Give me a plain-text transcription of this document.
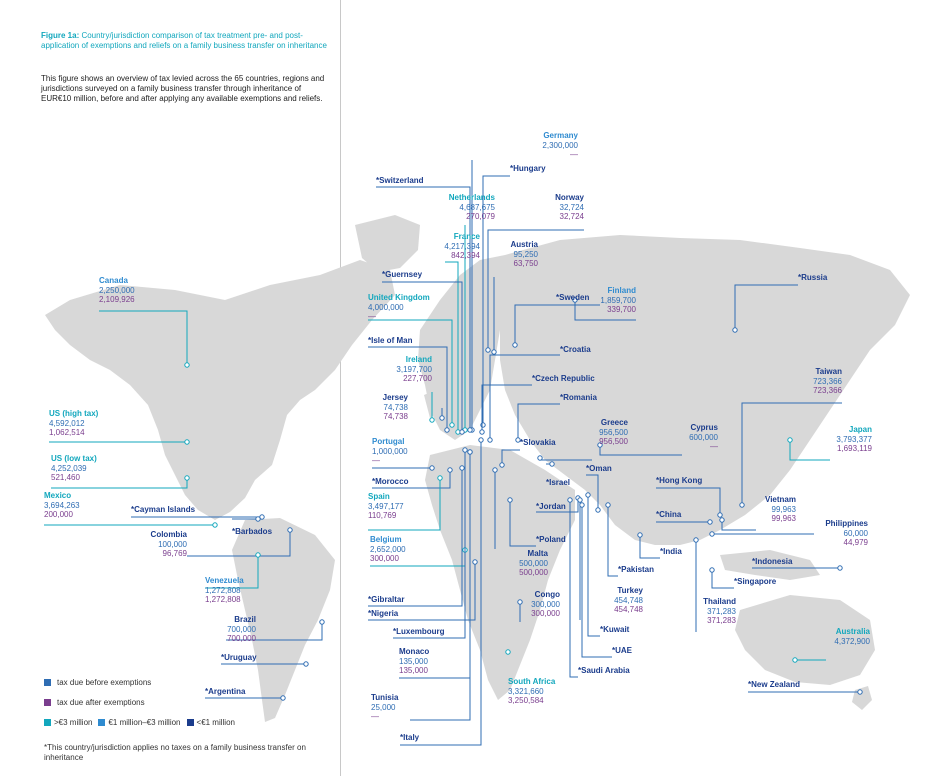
Figure 1a: Country/jurisdiction comparison of tax treatment pre- and post-application of exemptions and reliefs on a family business transfer on inheritance
This figure shows an overview of tax levied across the 65 countries, regions and jurisdictions surveyed on a family business transfer through inheritance of EUR€10 million, before and after applying any available exemptions and reliefs.
Germany
2,300,000
—
*Switzerland
*Hungary
Netherlands
4,687,675
270,079
Norway
32,724
32,724
France
4,217,394
842,394
Austria
95,250
63,750
*Guernsey	*Russia
Canada
2,250,000
2,109,926	United Kingdom
4,000,000
—
*Sweden
Finland
1,859,700
339,700
*Isle of Man
*Croatia
Ireland
3,197,700
227,700	*Czech Republic
Taiwan
723,366
723,366
Jersey
74,738
74,738
*Romania
US (high tax)
4,592,012
1,062,514
Greece
956,500
956,500
Cyprus
600,000
—
Japan
3,793,377
1,693,119
Portugal
1,000,000
—
*Slovakia
US (low tax)
4,252,039
521,460
*Oman
*Israel	*Hong Kong
*Morocco
Mexico
3,694,263
200,000
Spain
3,497,177
110,769
Vietnam
99,963
99,963
*Cayman Islands	*Jordan
*China
*Barbados
Philippines
60,000
44,979
Colombia
100,000
96,769
Belgium
2,652,000
300,000
*Poland
Malta
500,000
500,000
*India
*Indonesia
*Pakistan
*Singapore
Venezuela
1,272,808
1,272,808	*Gibraltar
Congo
300,000
300,000
Turkey
454,748
454,748
Thailand
371,283
371,283
*Nigeria
Brazil
700,000
700,000
*Luxembourg	*Kuwait	Australia
4,372,900
*Uruguay
Monaco
135,000
135,000
*UAE
*Saudi Arabia
*New Zealand
*Argentina
South Africa
3,321,660
3,250,584
Tunisia
25,000
—
*Italy
tax due before exemptions
tax due after exemptions
>€3 million €1 million–€3 million <€1 million
*This country/jurisdiction applies no taxes on a family business transfer on inheritance
